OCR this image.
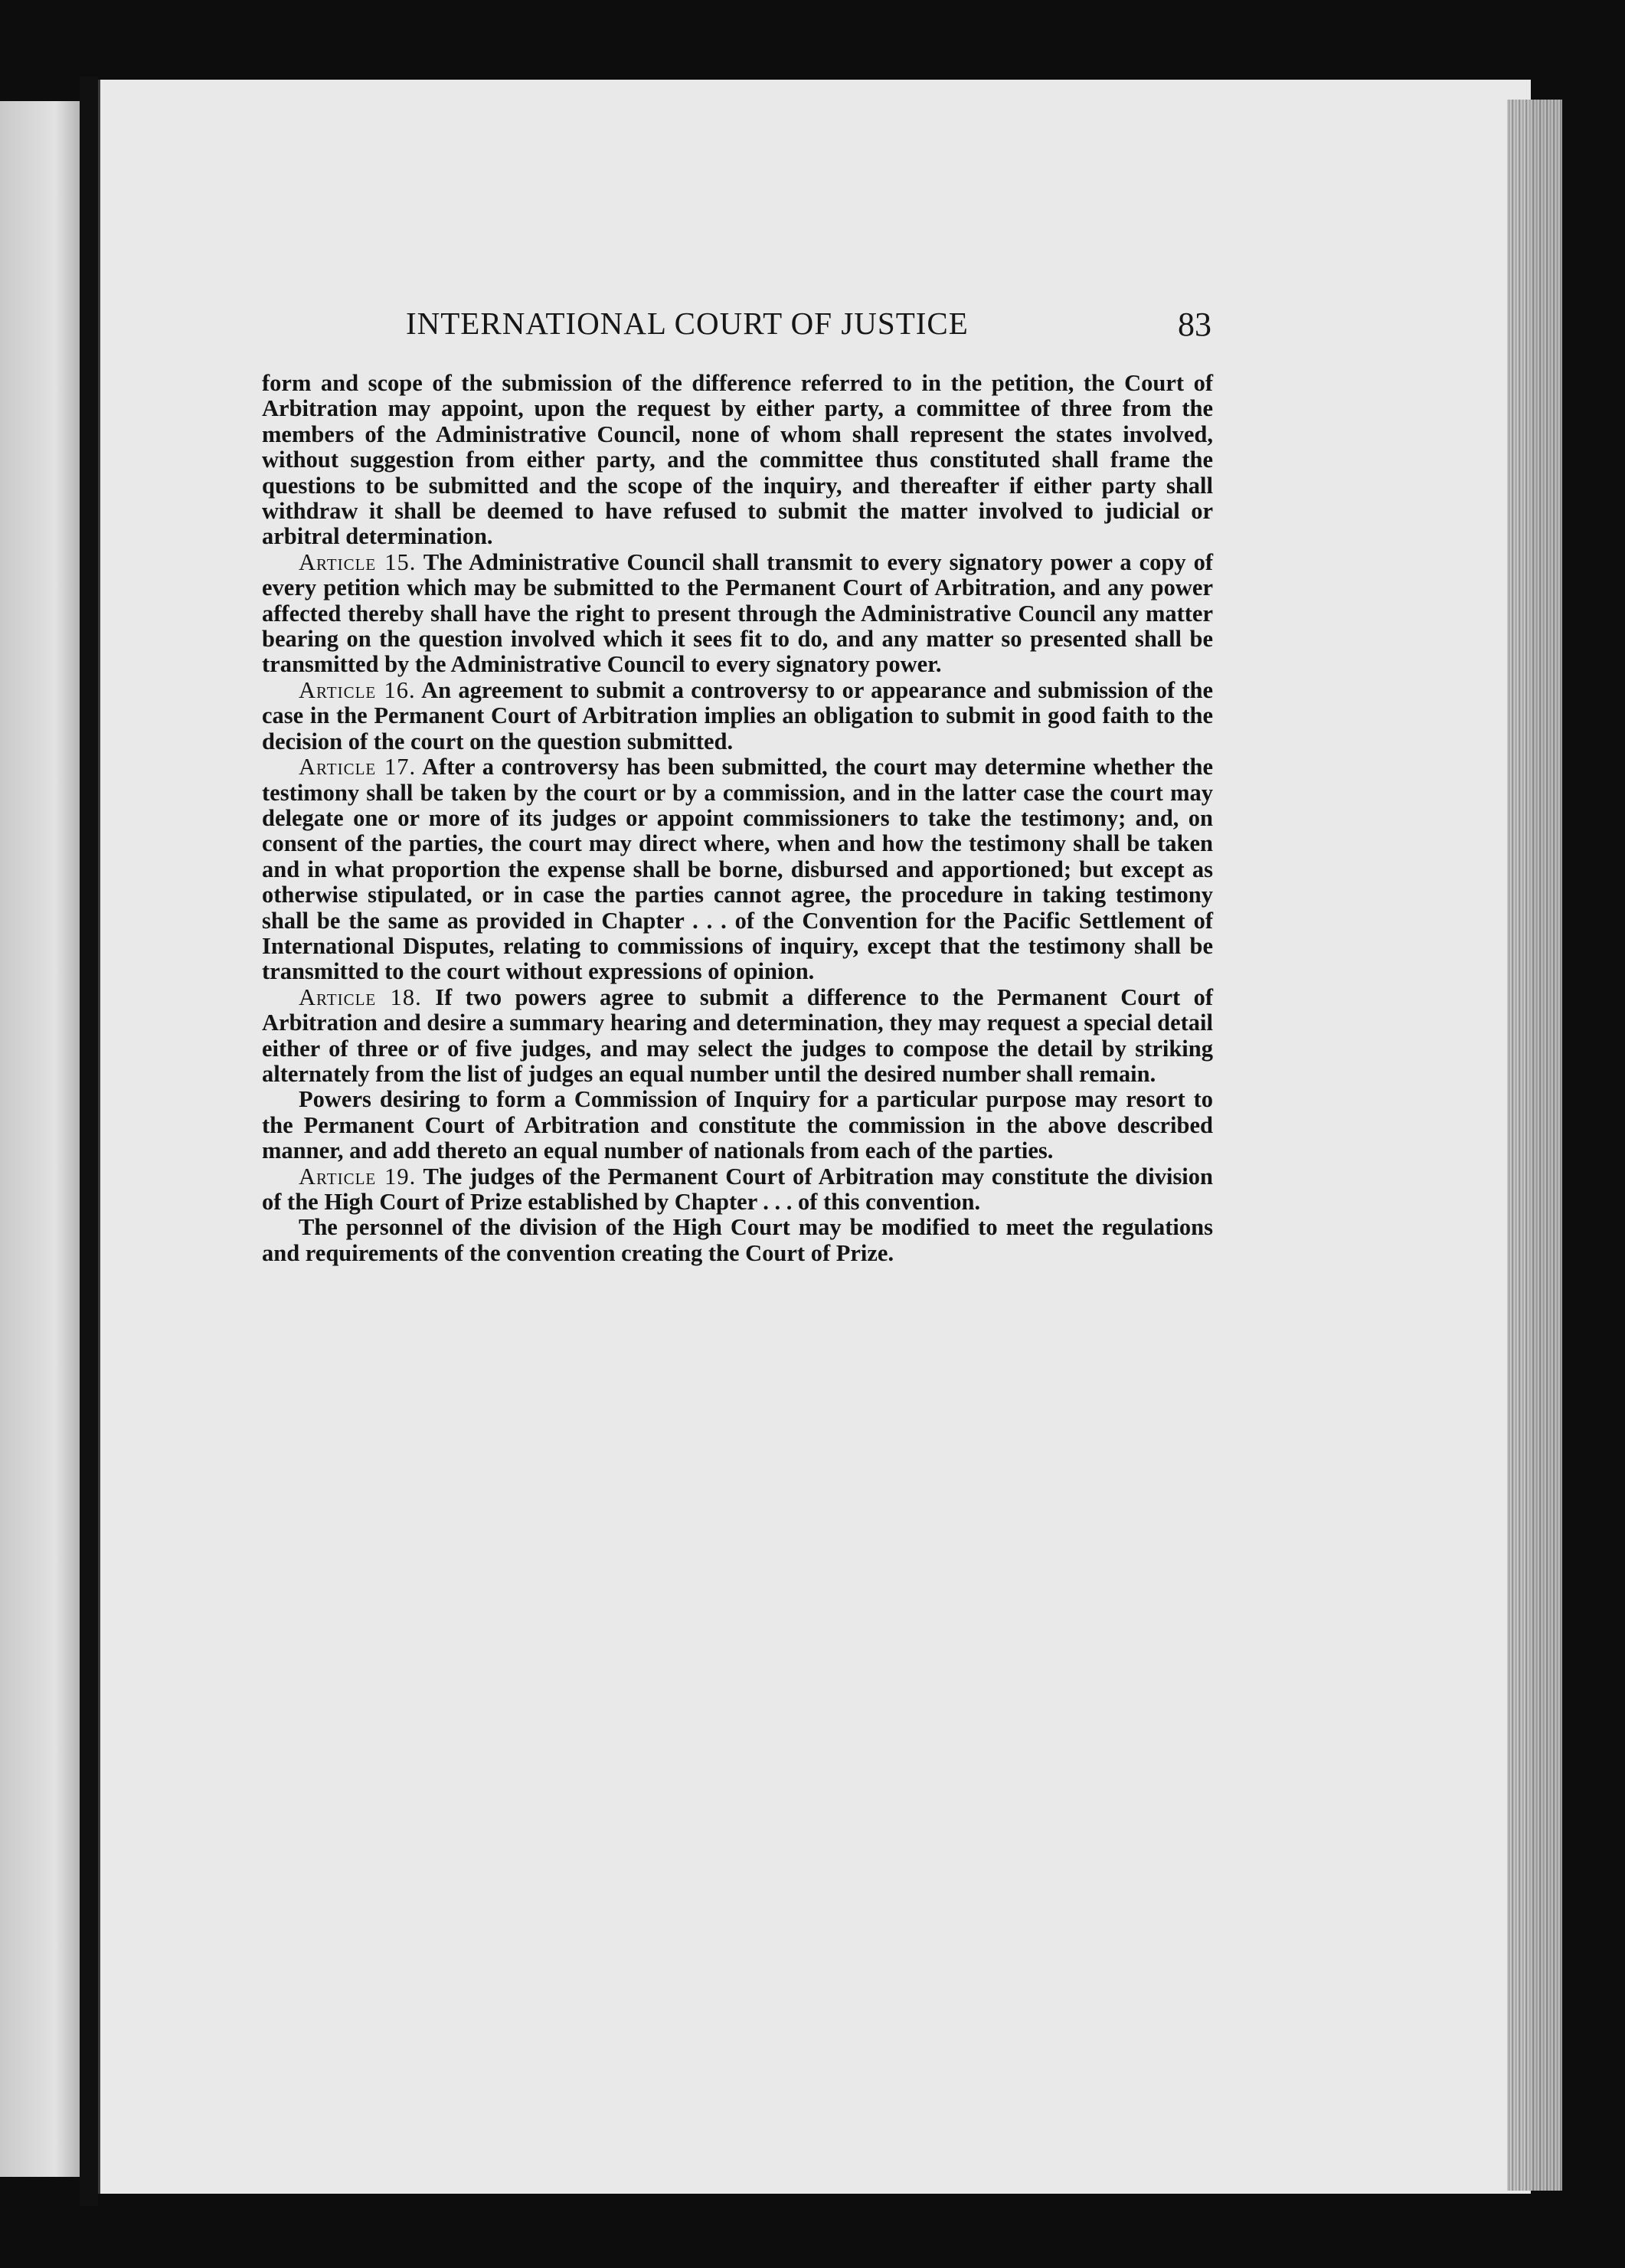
INTERNATIONAL COURT OF JUSTICE	83

form and scope of the submission of the difference referred to in the petition, the Court of Arbitration may appoint, upon the request by either party, a committee of three from the members of the Administrative Council, none of whom shall represent the states involved, without suggestion from either party, and the committee thus constituted shall frame the questions to be submitted and the scope of the inquiry, and thereafter if either party shall withdraw it shall be deemed to have refused to submit the matter involved to judicial or arbitral determination.

Article 15. The Administrative Council shall transmit to every signatory power a copy of every petition which may be submitted to the Permanent Court of Arbitration, and any power affected thereby shall have the right to present through the Administrative Council any matter bearing on the question involved which it sees fit to do, and any matter so presented shall be transmitted by the Administrative Council to every signatory power.

Article 16. An agreement to submit a controversy to or appearance and submission of the case in the Permanent Court of Arbitration implies an obligation to submit in good faith to the decision of the court on the question submitted.

Article 17. After a controversy has been submitted, the court may determine whether the testimony shall be taken by the court or by a commission, and in the latter case the court may delegate one or more of its judges or appoint commissioners to take the testimony; and, on consent of the parties, the court may direct where, when and how the testimony shall be taken and in what proportion the expense shall be borne, disbursed and apportioned; but except as otherwise stipulated, or in case the parties cannot agree, the procedure in taking testimony shall be the same as provided in Chapter . . . of the Convention for the Pacific Settlement of International Disputes, relating to commissions of inquiry, except that the testimony shall be transmitted to the court without expressions of opinion.

Article 18. If two powers agree to submit a difference to the Permanent Court of Arbitration and desire a summary hearing and determination, they may request a special detail either of three or of five judges, and may select the judges to compose the detail by striking alternately from the list of judges an equal number until the desired number shall remain.

Powers desiring to form a Commission of Inquiry for a particular purpose may resort to the Permanent Court of Arbitration and constitute the commission in the above described manner, and add thereto an equal number of nationals from each of the parties.

Article 19. The judges of the Permanent Court of Arbitration may constitute the division of the High Court of Prize established by Chapter . . . of this convention.

The personnel of the division of the High Court may be modified to meet the regulations and requirements of the convention creating the Court of Prize.
